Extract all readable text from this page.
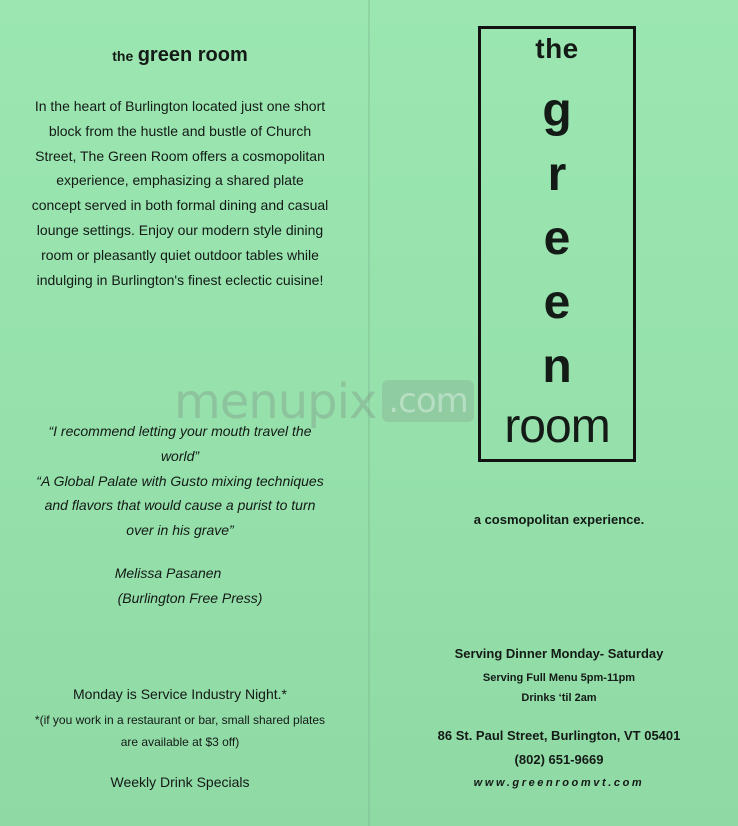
the green room

In the heart of Burlington located just one short block from the hustle and bustle of Church Street, The Green Room offers a cosmopolitan experience, emphasizing a shared plate concept served in both formal dining and casual lounge settings. Enjoy our modern style dining room or pleasantly quiet outdoor tables while indulging in Burlington's finest eclectic cuisine!

“I recommend letting your mouth travel the world”

“A Global Palate with Gusto mixing techniques and flavors that would cause a purist to turn over in his grave”

Melissa Pasanen
(Burlington Free Press)
Monday is Service Industry Night.*
*(if you work in a restaurant or bar, small shared plates are available at $3 off)
Weekly Drink Specials
menupix .com
the
g
r
e
e
n
room
a cosmopolitan experience.
Serving Dinner Monday- Saturday
Serving Full Menu 5pm-11pm
Drinks ‘til 2am
86 St. Paul Street, Burlington, VT 05401
(802) 651-9669
www.greenroomvt.com
